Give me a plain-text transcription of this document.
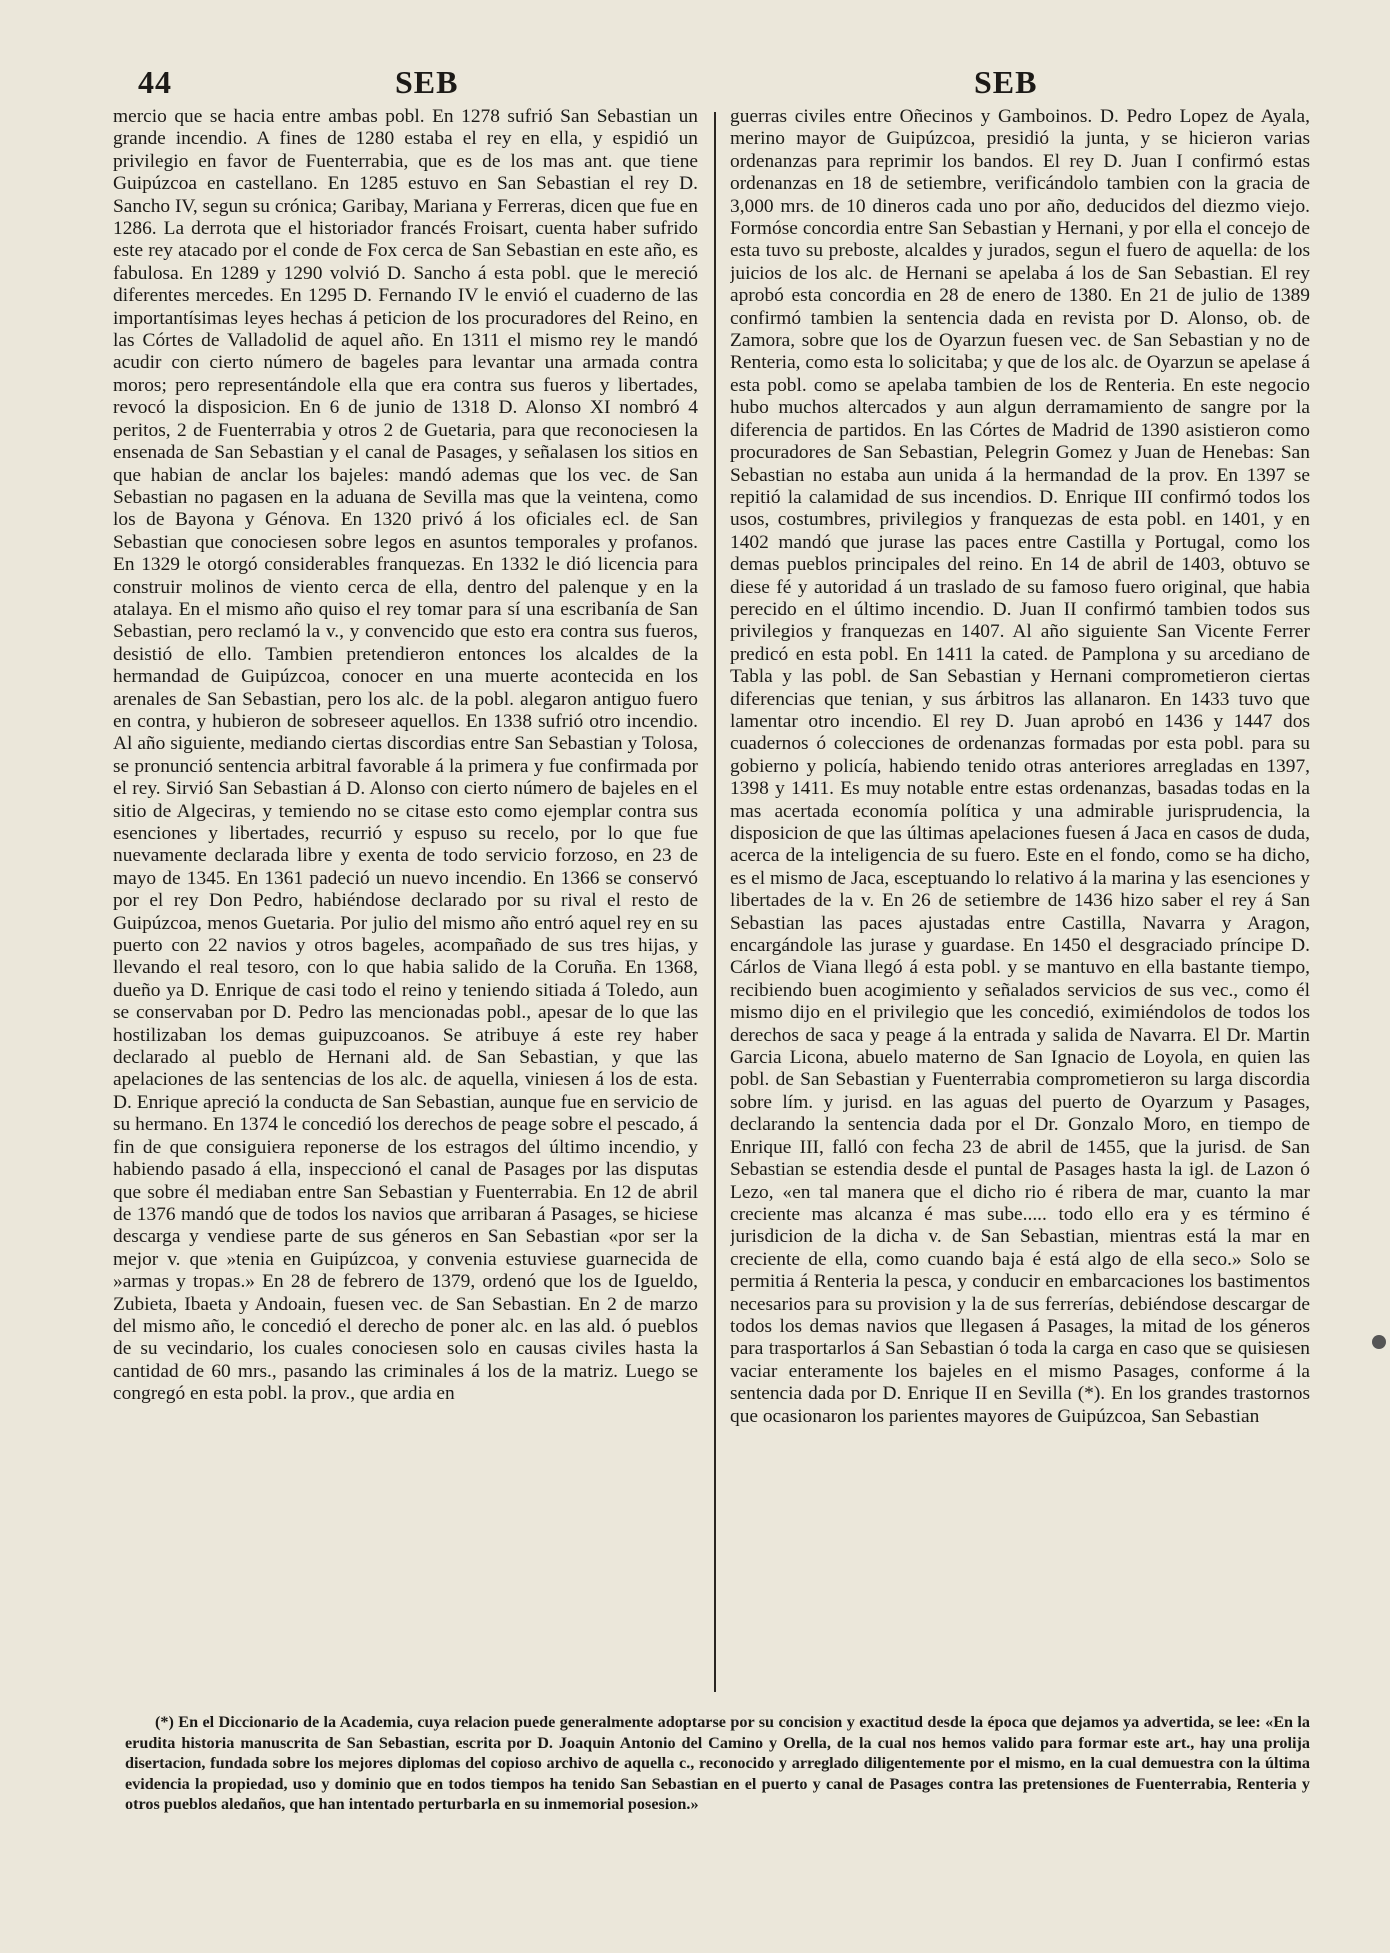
44	SEB	SEB

mercio que se hacia entre ambas pobl. En 1278 sufrió San Sebastian un grande incendio. A fines de 1280 estaba el rey en ella, y espidió un privilegio en favor de Fuenterrabia, que es de los mas ant. que tiene Guipúzcoa en castellano. En 1285 estuvo en San Sebastian el rey D. Sancho IV, segun su crónica; Garibay, Mariana y Ferreras, dicen que fue en 1286. La derrota que el historiador francés Froisart, cuenta haber sufrido este rey atacado por el conde de Fox cerca de San Sebastian en este año, es fabulosa. En 1289 y 1290 volvió D. Sancho á esta pobl. que le mereció diferentes mercedes. En 1295 D. Fernando IV le envió el cuaderno de las importantísimas leyes hechas á peticion de los procuradores del Reino, en las Córtes de Valladolid de aquel año. En 1311 el mismo rey le mandó acudir con cierto número de bageles para levantar una armada contra moros; pero representándole ella que era contra sus fueros y libertades, revocó la disposicion. En 6 de junio de 1318 D. Alonso XI nombró 4 peritos, 2 de Fuenterrabia y otros 2 de Guetaria, para que reconociesen la ensenada de San Sebastian y el canal de Pasages, y señalasen los sitios en que habian de anclar los bajeles: mandó ademas que los vec. de San Sebastian no pagasen en la aduana de Sevilla mas que la veintena, como los de Bayona y Génova. En 1320 privó á los oficiales ecl. de San Sebastian que conociesen sobre legos en asuntos temporales y profanos. En 1329 le otorgó considerables franquezas. En 1332 le dió licencia para construir molinos de viento cerca de ella, dentro del palenque y en la atalaya. En el mismo año quiso el rey tomar para sí una escribanía de San Sebastian, pero reclamó la v., y convencido que esto era contra sus fueros, desistió de ello. Tambien pretendieron entonces los alcaldes de la hermandad de Guipúzcoa, conocer en una muerte acontecida en los arenales de San Sebastian, pero los alc. de la pobl. alegaron antiguo fuero en contra, y hubieron de sobreseer aquellos. En 1338 sufrió otro incendio. Al año siguiente, mediando ciertas discordias entre San Sebastian y Tolosa, se pronunció sentencia arbitral favorable á la primera y fue confirmada por el rey. Sirvió San Sebastian á D. Alonso con cierto número de bajeles en el sitio de Algeciras, y temiendo no se citase esto como ejemplar contra sus esenciones y libertades, recurrió y espuso su recelo, por lo que fue nuevamente declarada libre y exenta de todo servicio forzoso, en 23 de mayo de 1345. En 1361 padeció un nuevo incendio. En 1366 se conservó por el rey Don Pedro, habiéndose declarado por su rival el resto de Guipúzcoa, menos Guetaria. Por julio del mismo año entró aquel rey en su puerto con 22 navios y otros bageles, acompañado de sus tres hijas, y llevando el real tesoro, con lo que habia salido de la Coruña. En 1368, dueño ya D. Enrique de casi todo el reino y teniendo sitiada á Toledo, aun se conservaban por D. Pedro las mencionadas pobl., apesar de lo que las hostilizaban los demas guipuzcoanos. Se atribuye á este rey haber declarado al pueblo de Hernani ald. de San Sebastian, y que las apelaciones de las sentencias de los alc. de aquella, viniesen á los de esta. D. Enrique apreció la conducta de San Sebastian, aunque fue en servicio de su hermano. En 1374 le concedió los derechos de peage sobre el pescado, á fin de que consiguiera reponerse de los estragos del último incendio, y habiendo pasado á ella, inspeccionó el canal de Pasages por las disputas que sobre él mediaban entre San Sebastian y Fuenterrabia. En 12 de abril de 1376 mandó que de todos los navios que arribaran á Pasages, se hiciese descarga y vendiese parte de sus géneros en San Sebastian «por ser la mejor v. que »tenia en Guipúzcoa, y convenia estuviese guarnecida de »armas y tropas.» En 28 de febrero de 1379, ordenó que los de Igueldo, Zubieta, Ibaeta y Andoain, fuesen vec. de San Sebastian. En 2 de marzo del mismo año, le concedió el derecho de poner alc. en las ald. ó pueblos de su vecindario, los cuales conociesen solo en causas civiles hasta la cantidad de 60 mrs., pasando las criminales á los de la matriz. Luego se congregó en esta pobl. la prov., que ardia en

guerras civiles entre Oñecinos y Gamboinos. D. Pedro Lopez de Ayala, merino mayor de Guipúzcoa, presidió la junta, y se hicieron varias ordenanzas para reprimir los bandos. El rey D. Juan I confirmó estas ordenanzas en 18 de setiembre, verificándolo tambien con la gracia de 3,000 mrs. de 10 dineros cada uno por año, deducidos del diezmo viejo. Formóse concordia entre San Sebastian y Hernani, y por ella el concejo de esta tuvo su preboste, alcaldes y jurados, segun el fuero de aquella: de los juicios de los alc. de Hernani se apelaba á los de San Sebastian. El rey aprobó esta concordia en 28 de enero de 1380. En 21 de julio de 1389 confirmó tambien la sentencia dada en revista por D. Alonso, ob. de Zamora, sobre que los de Oyarzun fuesen vec. de San Sebastian y no de Renteria, como esta lo solicitaba; y que de los alc. de Oyarzun se apelase á esta pobl. como se apelaba tambien de los de Renteria. En este negocio hubo muchos altercados y aun algun derramamiento de sangre por la diferencia de partidos. En las Córtes de Madrid de 1390 asistieron como procuradores de San Sebastian, Pelegrin Gomez y Juan de Henebas: San Sebastian no estaba aun unida á la hermandad de la prov. En 1397 se repitió la calamidad de sus incendios. D. Enrique III confirmó todos los usos, costumbres, privilegios y franquezas de esta pobl. en 1401, y en 1402 mandó que jurase las paces entre Castilla y Portugal, como los demas pueblos principales del reino. En 14 de abril de 1403, obtuvo se diese fé y autoridad á un traslado de su famoso fuero original, que habia perecido en el último incendio. D. Juan II confirmó tambien todos sus privilegios y franquezas en 1407. Al año siguiente San Vicente Ferrer predicó en esta pobl. En 1411 la cated. de Pamplona y su arcediano de Tabla y las pobl. de San Sebastian y Hernani comprometieron ciertas diferencias que tenian, y sus árbitros las allanaron. En 1433 tuvo que lamentar otro incendio. El rey D. Juan aprobó en 1436 y 1447 dos cuadernos ó colecciones de ordenanzas formadas por esta pobl. para su gobierno y policía, habiendo tenido otras anteriores arregladas en 1397, 1398 y 1411. Es muy notable entre estas ordenanzas, basadas todas en la mas acertada economía política y una admirable jurisprudencia, la disposicion de que las últimas apelaciones fuesen á Jaca en casos de duda, acerca de la inteligencia de su fuero. Este en el fondo, como se ha dicho, es el mismo de Jaca, esceptuando lo relativo á la marina y las esenciones y libertades de la v. En 26 de setiembre de 1436 hizo saber el rey á San Sebastian las paces ajustadas entre Castilla, Navarra y Aragon, encargándole las jurase y guardase. En 1450 el desgraciado príncipe D. Cárlos de Viana llegó á esta pobl. y se mantuvo en ella bastante tiempo, recibiendo buen acogimiento y señalados servicios de sus vec., como él mismo dijo en el privilegio que les concedió, eximiéndolos de todos los derechos de saca y peage á la entrada y salida de Navarra. El Dr. Martin Garcia Licona, abuelo materno de San Ignacio de Loyola, en quien las pobl. de San Sebastian y Fuenterrabia comprometieron su larga discordia sobre lím. y jurisd. en las aguas del puerto de Oyarzum y Pasages, declarando la sentencia dada por el Dr. Gonzalo Moro, en tiempo de Enrique III, falló con fecha 23 de abril de 1455, que la jurisd. de San Sebastian se estendia desde el puntal de Pasages hasta la igl. de Lazon ó Lezo, «en tal manera que el dicho rio é ribera de mar, cuanto la mar creciente mas alcanza é mas sube..... todo ello era y es término é jurisdicion de la dicha v. de San Sebastian, mientras está la mar en creciente de ella, como cuando baja é está algo de ella seco.» Solo se permitia á Renteria la pesca, y conducir en embarcaciones los bastimentos necesarios para su provision y la de sus ferrerías, debiéndose descargar de todos los demas navios que llegasen á Pasages, la mitad de los géneros para trasportarlos á San Sebastian ó toda la carga en caso que se quisiesen vaciar enteramente los bajeles en el mismo Pasages, conforme á la sentencia dada por D. Enrique II en Sevilla (*). En los grandes trastornos que ocasionaron los parientes mayores de Guipúzcoa, San Sebastian

(*) En el Diccionario de la Academia, cuya relacion puede generalmente adoptarse por su concision y exactitud desde la época que dejamos ya advertida, se lee: «En la erudita historia manuscrita de San Sebastian, escrita por D. Joaquin Antonio del Camino y Orella, de la cual nos hemos valido para formar este art., hay una prolija disertacion, fundada sobre los mejores diplomas del copioso archivo de aquella c., reconocido y arreglado diligentemente por el mismo, en la cual demuestra con la última evidencia la propiedad, uso y dominio que en todos tiempos ha tenido San Sebastian en el puerto y canal de Pasages contra las pretensiones de Fuenterrabia, Renteria y otros pueblos aledaños, que han intentado perturbarla en su inmemorial posesion.»
